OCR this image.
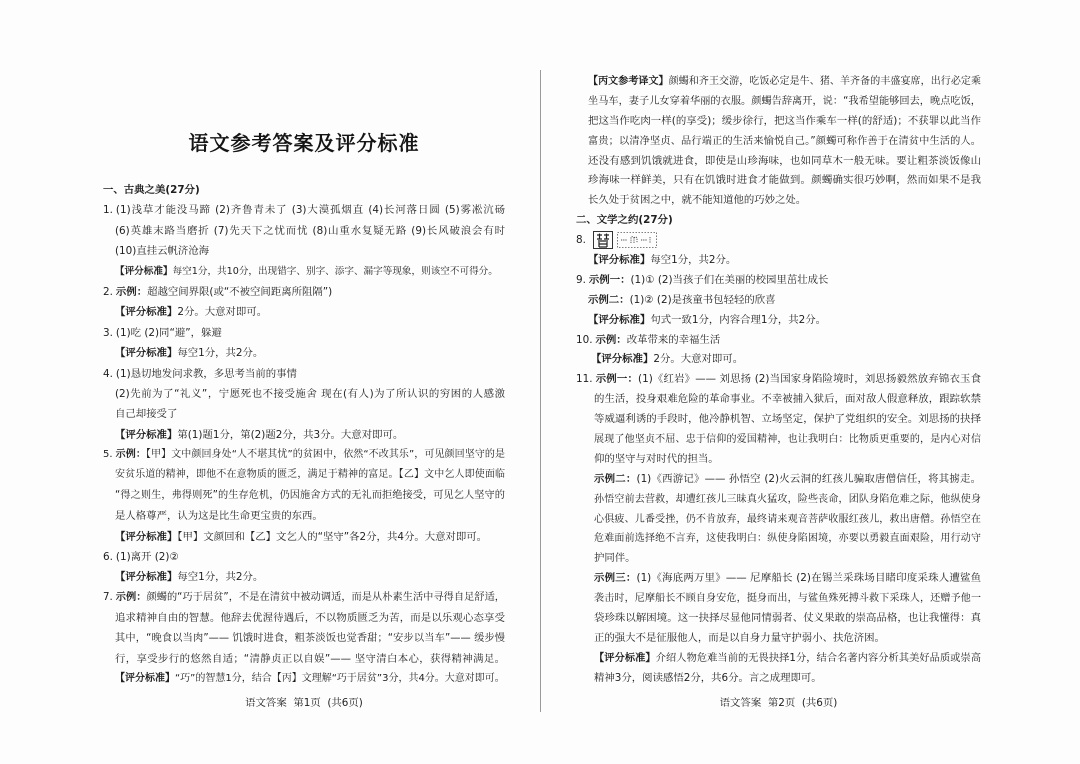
语文参考答案及评分标准
一、古典之美(27分)
1. (1)浅草才能没马蹄 (2)齐鲁青未了 (3)大漠孤烟直 (4)长河落日圆 (5)雾凇沆砀
(6)英雄末路当磨折 (7)先天下之忧而忧 (8)山重水复疑无路 (9)长风破浪会有时
(10)直挂云帆济沧海
【评分标准】每空1分，共10分，出现错字、别字、添字、漏字等现象，则该空不可得分。
2. 示例：超越空间界限(或“不被空间距离所阻隔”)
【评分标准】2分。大意对即可。
3. (1)吃 (2)同“避”，躲避
【评分标准】每空1分，共2分。
4. (1)恳切地发问求教，多思考当前的事情
(2)先前为了“礼义”，宁愿死也不接受施舍 现在(有人)为了所认识的穷困的人感激
自己却接受了
【评分标准】第(1)题1分，第(2)题2分，共3分。大意对即可。
5. 示例：【甲】文中颜回身处“人不堪其忧”的贫困中，依然“不改其乐”，可见颜回坚守的是
安贫乐道的精神，即他不在意物质的匮乏，满足于精神的富足。【乙】文中乞人即使面临
“得之则生，弗得则死”的生存危机，仍因施舍方式的无礼而拒绝接受，可见乞人坚守的
是人格尊严，认为这是比生命更宝贵的东西。
【评分标准】【甲】文颜回和【乙】文乞人的“坚守”各2分，共4分。大意对即可。
6. (1)离开 (2)②
【评分标准】每空1分，共2分。
7. 示例：颜蠋的“巧于居贫”，不是在清贫中被动调适，而是从朴素生活中寻得自足舒适，
追求精神自由的智慧。他辞去优渥待遇后，不以物质匮乏为苦，而是以乐观心态享受
其中，“晚食以当肉”—— 饥饿时进食，粗茶淡饭也觉香甜；“安步以当车”—— 缓步慢
行，享受步行的悠然自适；“清静贞正以自娱”—— 坚守清白本心，获得精神满足。
【评分标准】“巧”的智慧1分，结合【丙】文理解“巧于居贫”3分，共4分。大意对即可。
语文答案  第1页  (共6页)
【丙文参考译文】颜蠋和齐王交游，吃饭必定是牛、猪、羊齐备的丰盛宴席，出行必定乘
坐马车，妻子儿女穿着华丽的衣服。颜蠋告辞离开，说：“我希望能够回去，晚点吃饭，
把这当作吃肉一样(的享受)；缓步徐行，把这当作乘车一样(的舒适)；不获罪以此当作
富贵；以清净坚贞、品行端正的生活来愉悦自己。”颜蠋可称作善于在清贫中生活的人。
还没有感到饥饿就进食，即使是山珍海味，也如同草木一般无味。要让粗茶淡饭像山
珍海味一样鲜美，只有在饥饿时进食才能做到。颜蠋确实很巧妙啊，然而如果不是我
长久处于贫困之中，就不能知道他的巧妙之处。
二、文学之约(27分)
8.
【评分标准】每空1分，共2分。
9. 示例一：(1)① (2)当孩子们在美丽的校园里茁壮成长
示例二：(1)② (2)是孩童书包轻轻的欣喜
【评分标准】句式一致1分，内容合理1分，共2分。
10. 示例：改革带来的幸福生活
【评分标准】2分。大意对即可。
11. 示例一：(1)《红岩》—— 刘思扬 (2)当国家身陷险境时，刘思扬毅然放弃锦衣玉食
的生活，投身艰难危险的革命事业。不幸被捕入狱后，面对敌人假意释放，跟踪软禁
等威逼利诱的手段时，他冷静机智、立场坚定，保护了党组织的安全。刘思扬的抉择
展现了他坚贞不屈、忠于信仰的爱国精神，也让我明白：比物质更重要的，是内心对信
仰的坚守与对时代的担当。
示例二：(1)《西游记》—— 孙悟空 (2)火云洞的红孩儿骗取唐僧信任，将其掳走。
孙悟空前去营救，却遭红孩儿三昧真火猛攻，险些丧命，团队身陷危难之际，他纵使身
心俱疲、儿番受挫，仍不肯放弃，最终请来观音菩萨收服红孩儿，救出唐僧。孙悟空在
危难面前选择绝不言弃，这使我明白：纵使身陷困境，亦要以勇毅直面艰险，用行动守
护同伴。
示例三：(1)《海底两万里》—— 尼摩船长 (2)在锡兰采珠场目睹印度采珠人遭鲨鱼
袭击时，尼摩船长不顾自身安危，挺身而出，与鲨鱼殊死搏斗救下采珠人，还赠予他一
袋珍珠以解困境。这一抉择尽显他同情弱者、仗义果敢的崇高品格，也让我懂得：真
正的强大不是征服他人，而是以自身力量守护弱小、扶危济困。
【评分标准】介绍人物危难当前的无畏抉择1分，结合名著内容分析其美好品质或崇高
精神3分，阅读感悟2分，共6分。言之成理即可。
语文答案  第2页  (共6页)
